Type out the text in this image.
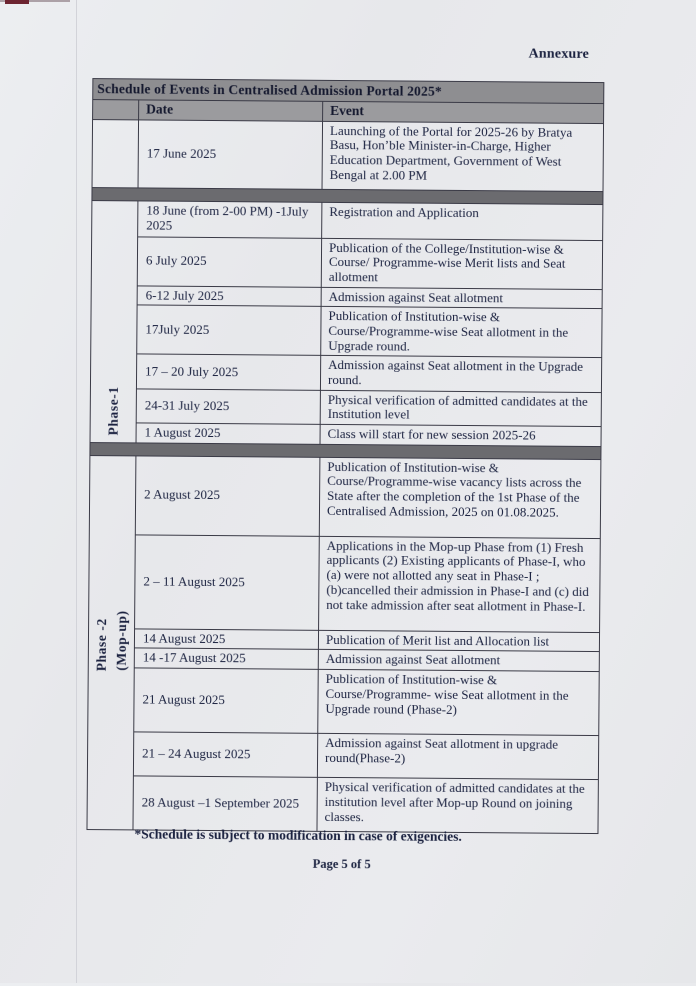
Annexure
Schedule of Events in Centralised Admission Portal 2025*		
	Date	Event
	17 June 2025	Launching of the Portal for 2025-26 by Bratya Basu, Hon’ble Minister-in-Charge, Higher Education Department, Government of West Bengal at 2.00 PM

Phase-1	18 June (from 2-00 PM) -1July 2025	Registration and Application
	6 July 2025	Publication of the College/Institution-wise & Course/ Programme-wise Merit lists and Seat allotment
	6-12 July 2025	Admission against Seat allotment
	17July 2025	Publication of Institution-wise & Course/Programme-wise Seat allotment in the Upgrade round.
	17 – 20 July 2025	Admission against Seat allotment in the Upgrade round.
	24-31 July 2025	Physical verification of admitted candidates at the Institution level
	1 August 2025	Class will start for new session 2025-26

Phase -2 (Mop-up)	2 August 2025	Publication of Institution-wise & Course/Programme-wise vacancy lists across the State after the completion of the 1st Phase of the Centralised Admission, 2025 on 01.08.2025.
	2 – 11 August 2025	Applications in the Mop-up Phase from (1) Fresh applicants (2) Existing applicants of Phase-I, who (a) were not allotted any seat in Phase-I ; (b)cancelled their admission in Phase-I and (c) did not take admission after seat allotment in Phase-I.
	14 August 2025	Publication of Merit list and Allocation list
	14 -17 August 2025	Admission against Seat allotment
	21 August 2025	Publication of Institution-wise & Course/Programme- wise Seat allotment in the Upgrade round (Phase-2)
	21 – 24 August 2025	Admission against Seat allotment in upgrade round(Phase-2)
	28 August –1 September 2025	Physical verification of admitted candidates at the institution level after Mop-up Round on joining classes.
*Schedule is subject to modification in case of exigencies.
Page 5 of 5
